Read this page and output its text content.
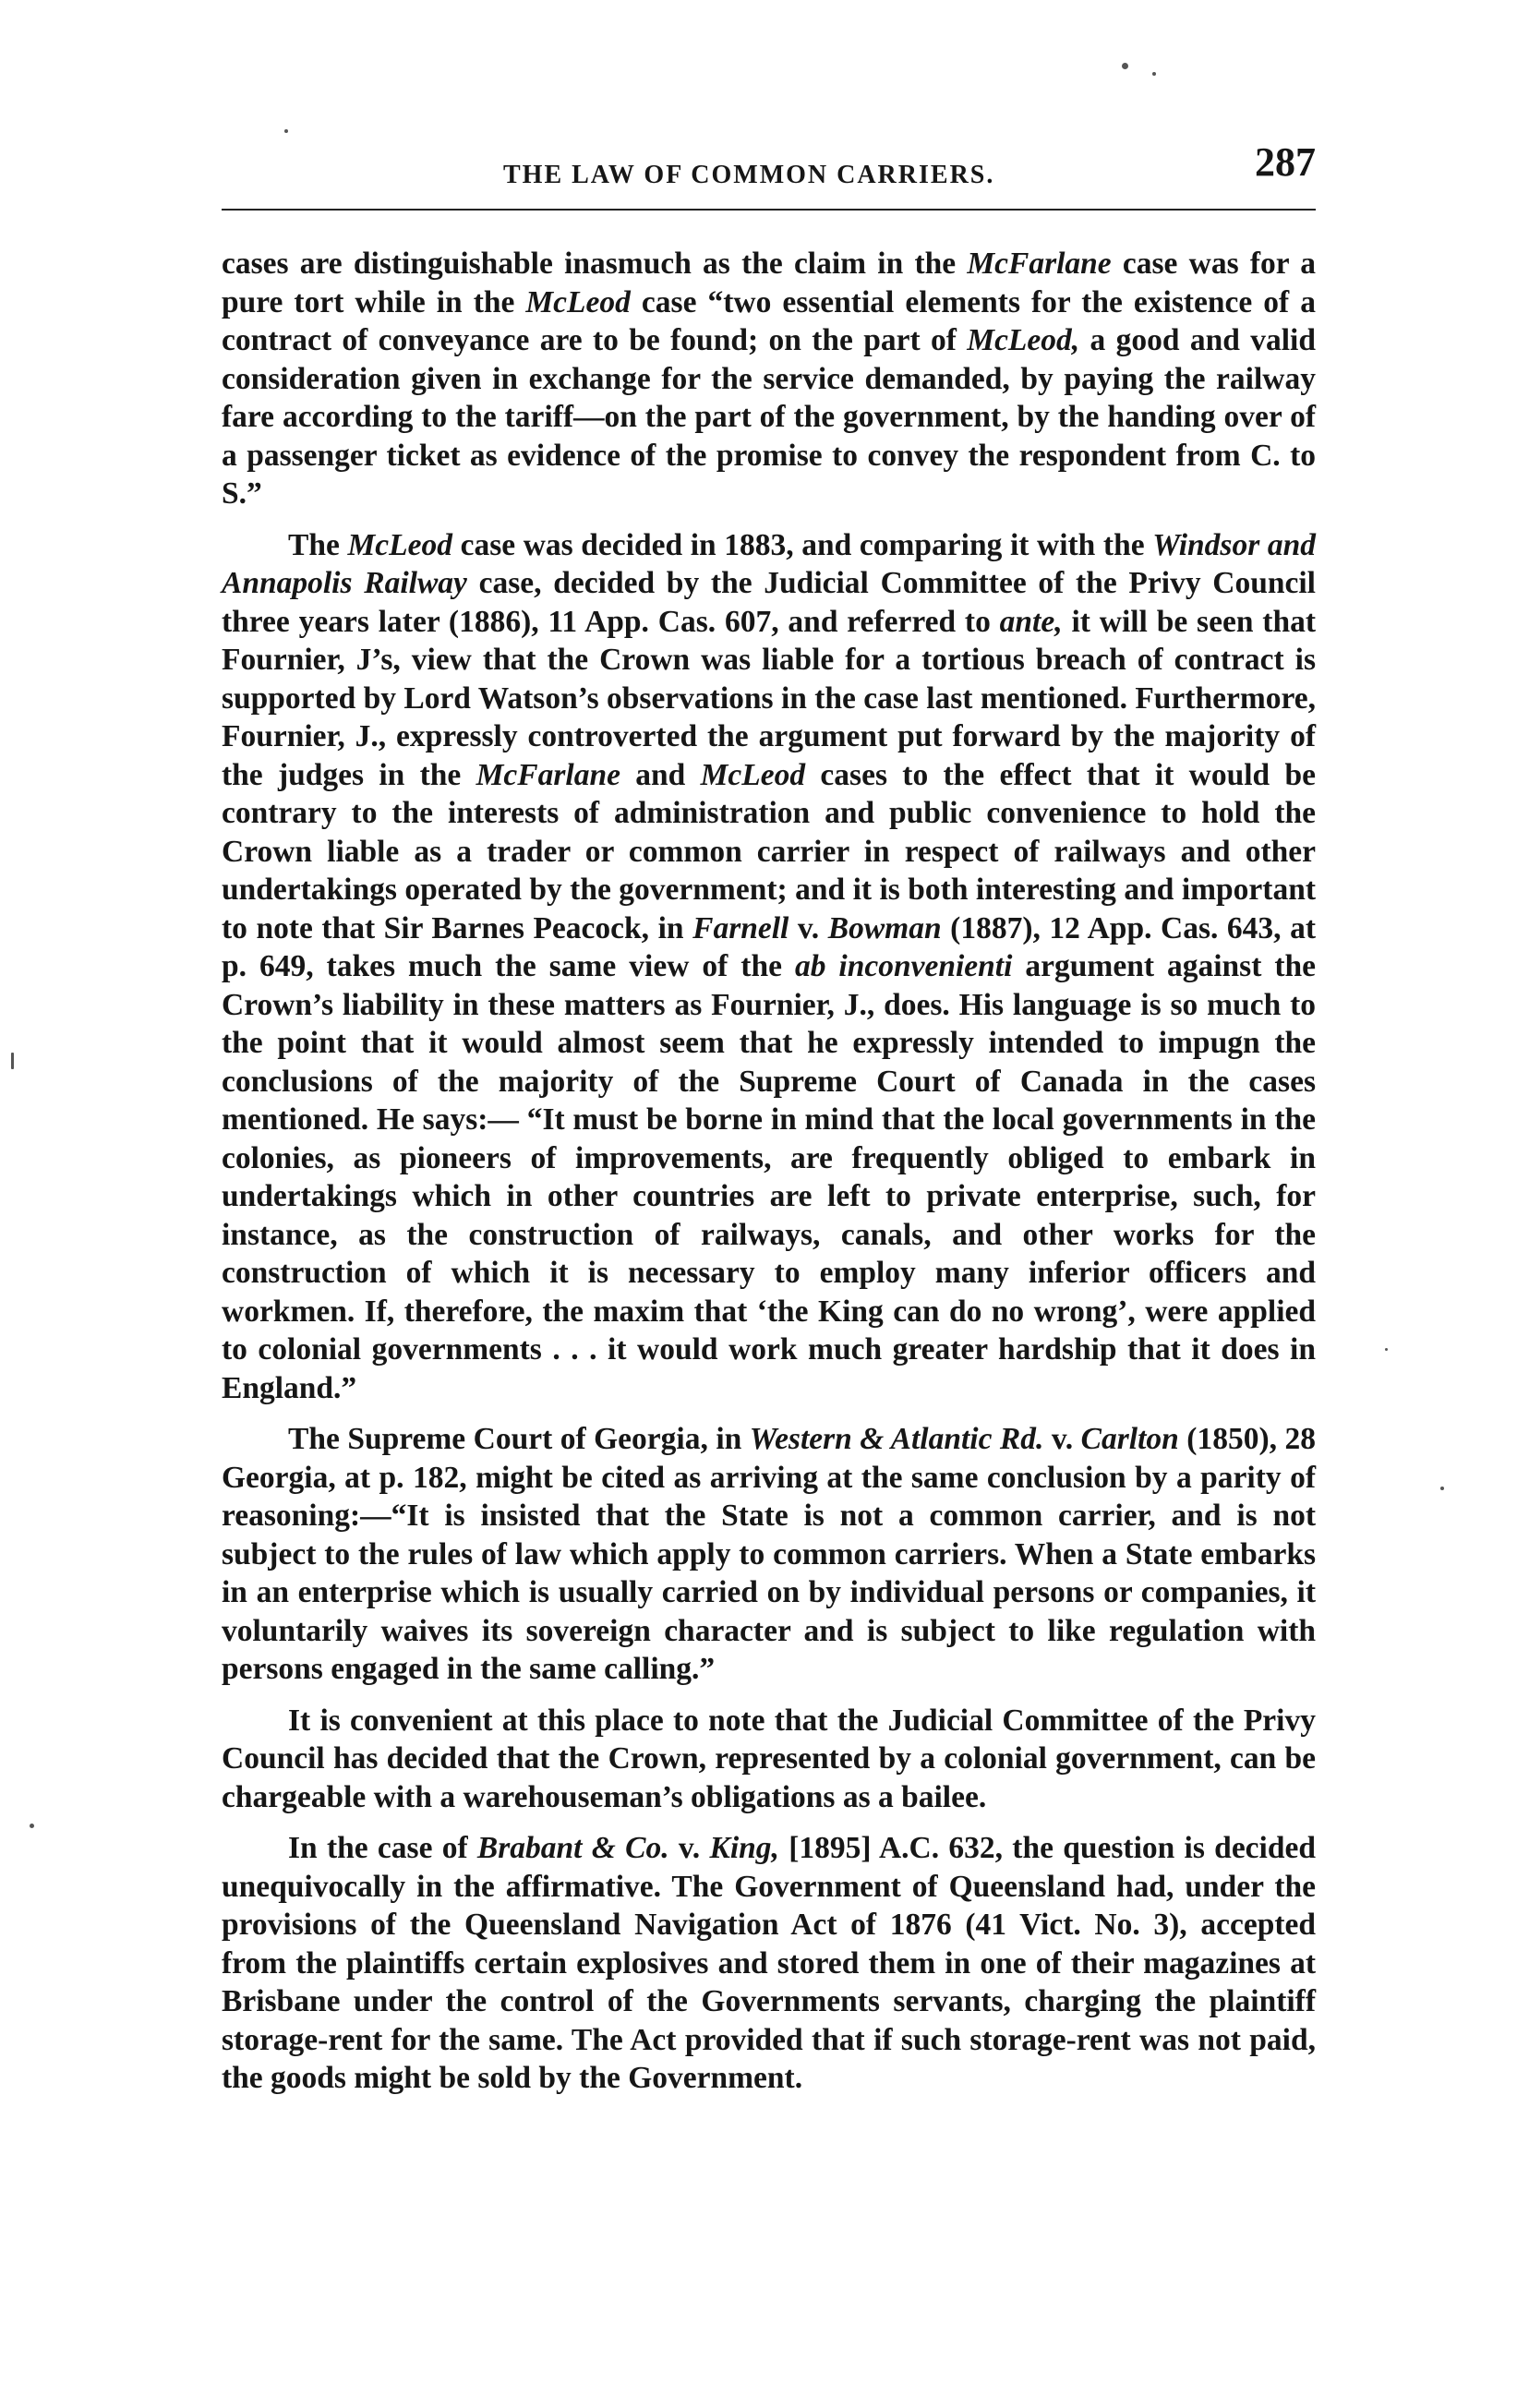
THE LAW OF COMMON CARRIERS.	287

cases are distinguishable inasmuch as the claim in the McFarlane case was for a pure tort while in the McLeod case “two essential elements for the existence of a contract of conveyance are to be found; on the part of McLeod, a good and valid consideration given in exchange for the service demanded, by paying the railway fare according to the tariff—on the part of the government, by the handing over of a passenger ticket as evidence of the promise to convey the respondent from C. to S.”

The McLeod case was decided in 1883, and comparing it with the Windsor and Annapolis Railway case, decided by the Judicial Committee of the Privy Council three years later (1886), 11 App. Cas. 607, and referred to ante, it will be seen that Fournier, J’s, view that the Crown was liable for a tortious breach of contract is supported by Lord Watson’s observations in the case last mentioned. Furthermore, Fournier, J., expressly controverted the argument put forward by the majority of the judges in the McFarlane and McLeod cases to the effect that it would be contrary to the interests of administration and public convenience to hold the Crown liable as a trader or common carrier in respect of railways and other undertakings operated by the government; and it is both interesting and important to note that Sir Barnes Peacock, in Farnell v. Bowman (1887), 12 App. Cas. 643, at p. 649, takes much the same view of the ab inconvenienti argument against the Crown’s liability in these matters as Fournier, J., does. His language is so much to the point that it would almost seem that he expressly intended to impugn the conclusions of the majority of the Supreme Court of Canada in the cases mentioned. He says:— “It must be borne in mind that the local governments in the colonies, as pioneers of improvements, are frequently obliged to embark in undertakings which in other countries are left to private enterprise, such, for instance, as the construction of railways, canals, and other works for the construction of which it is necessary to employ many inferior officers and workmen. If, therefore, the maxim that ‘the King can do no wrong’, were applied to colonial governments . . . it would work much greater hardship that it does in England.”

The Supreme Court of Georgia, in Western & Atlantic Rd. v. Carlton (1850), 28 Georgia, at p. 182, might be cited as arriving at the same conclusion by a parity of reasoning:—“It is insisted that the State is not a common carrier, and is not subject to the rules of law which apply to common carriers. When a State embarks in an enterprise which is usually carried on by individual persons or companies, it voluntarily waives its sovereign character and is subject to like regulation with persons engaged in the same calling.”

It is convenient at this place to note that the Judicial Committee of the Privy Council has decided that the Crown, represented by a colonial government, can be chargeable with a warehouseman’s obligations as a bailee.

In the case of Brabant & Co. v. King, [1895] A.C. 632, the question is decided unequivocally in the affirmative. The Government of Queensland had, under the provisions of the Queensland Navigation Act of 1876 (41 Vict. No. 3), accepted from the plaintiffs certain explosives and stored them in one of their magazines at Brisbane under the control of the Governments servants, charging the plaintiff storage-rent for the same. The Act provided that if such storage-rent was not paid, the goods might be sold by the Government.
